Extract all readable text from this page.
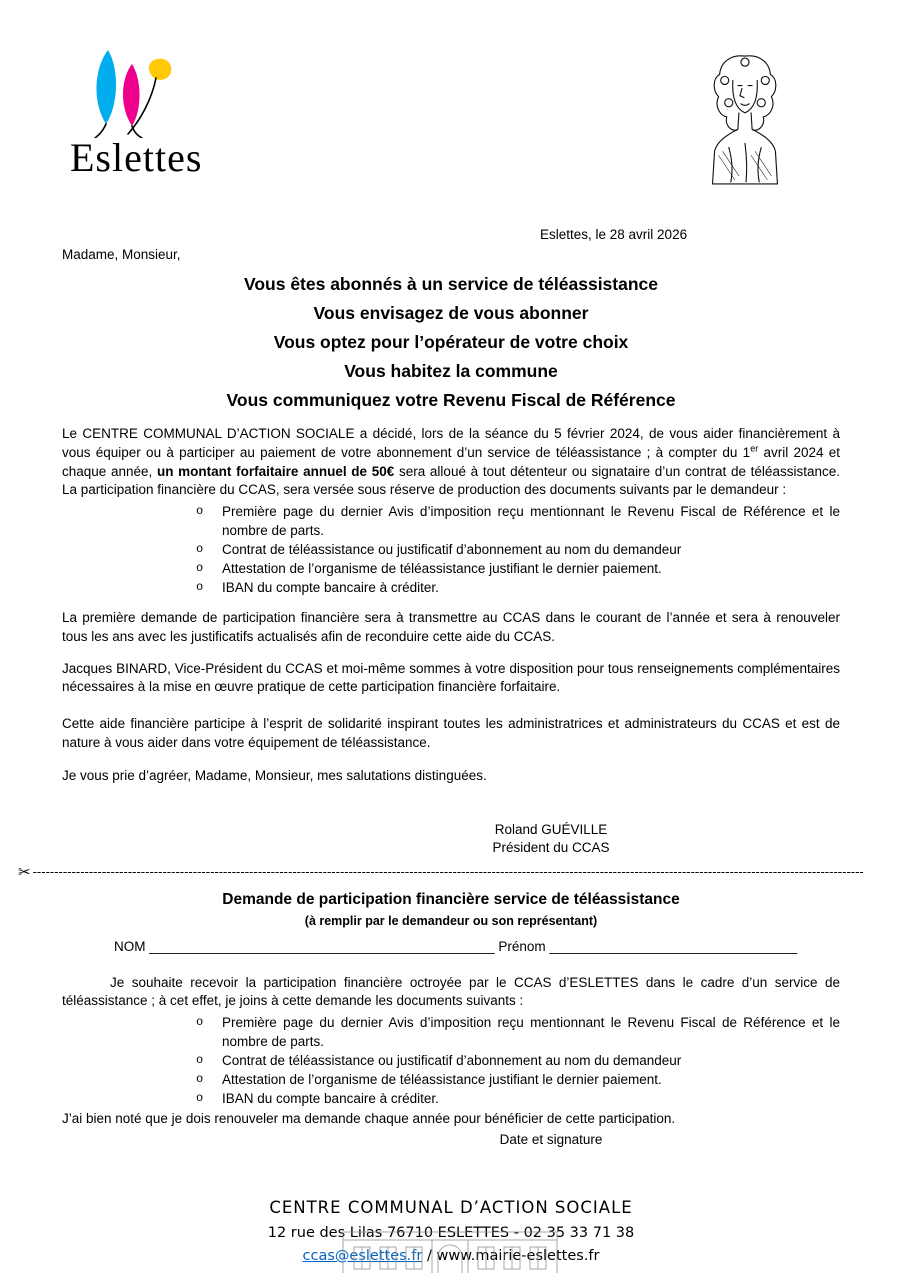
Eslettes
Eslettes, le 28 avril 2026
Madame, Monsieur,
Vous êtes abonnés à un service de téléassistance
Vous envisagez de vous abonner
Vous optez pour l’opérateur de votre choix
Vous habitez la commune
Vous communiquez votre Revenu Fiscal de Référence

Le CENTRE COMMUNAL D’ACTION SOCIALE a décidé, lors de la séance du 5 février 2024, de vous aider financièrement à vous équiper ou à participer au paiement de votre abonnement d’un service de téléassistance ; à compter du 1er avril 2024 et chaque année, un montant forfaitaire annuel de 50€ sera alloué à tout détenteur ou signataire d’un contrat de téléassistance. La participation financière du CCAS, sera versée sous réserve de production des documents suivants par le demandeur :

o Première page du dernier Avis d’imposition reçu mentionnant le Revenu Fiscal de Référence et le nombre de parts.
o Contrat de téléassistance ou justificatif d’abonnement au nom du demandeur
o Attestation de l’organisme de téléassistance justifiant le dernier paiement.
o IBAN du compte bancaire à créditer.

La première demande de participation financière sera à transmettre au CCAS dans le courant de l’année et sera à renouveler tous les ans avec les justificatifs actualisés afin de reconduire cette aide du CCAS.

Jacques BINARD, Vice-Président du CCAS et moi-même sommes à votre disposition pour tous renseignements complémentaires nécessaires à la mise en œuvre pratique de cette participation financière forfaitaire.

Cette aide financière participe à l’esprit de solidarité inspirant toutes les administratrices et administrateurs du CCAS et est de nature à vous aider dans votre équipement de téléassistance.

Je vous prie d’agréer, Madame, Monsieur, mes salutations distinguées.

Roland GUÉVILLE
Président du CCAS
✂ ------------------------------------------------------------------------------------------------------------------------------------------------------------------------------------------------
Demande de participation financière service de téléassistance
(à remplir par le demandeur ou son représentant)
NOM ______________________________________________ Prénom _________________________________

Je souhaite recevoir la participation financière octroyée par le CCAS d’ESLETTES dans le cadre d’un service de téléassistance ; à cet effet, je joins à cette demande les documents suivants :

o Première page du dernier Avis d’imposition reçu mentionnant le Revenu Fiscal de Référence et le nombre de parts.
o Contrat de téléassistance ou justificatif d’abonnement au nom du demandeur
o Attestation de l’organisme de téléassistance justifiant le dernier paiement.
o IBAN du compte bancaire à créditer.

J’ai bien noté que je dois renouveler ma demande chaque année pour bénéficier de cette participation.

Date et signature
CENTRE COMMUNAL D’ACTION SOCIALE
12 rue des Lilas 76710 ESLETTES - 02 35 33 71 38
ccas@eslettes.fr / www.mairie-eslettes.fr
